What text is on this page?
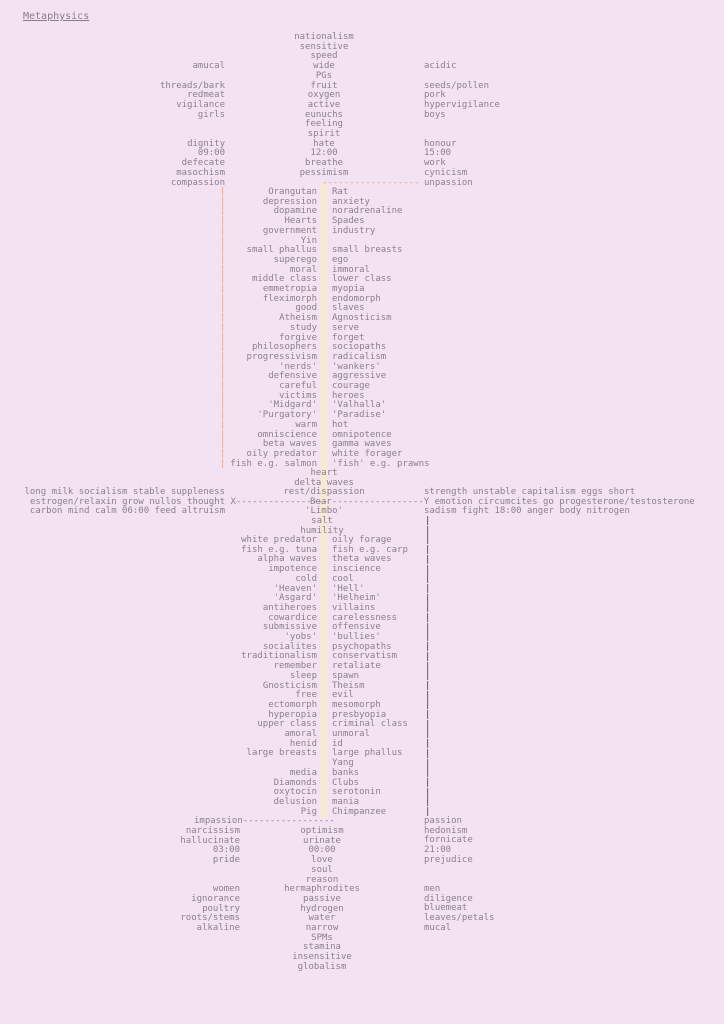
Metaphysics
nationalism
sensitive
speed
wide
PGs
fruit
oxygen
active
eunuchs
feeling
spirit
hate
12:00
breathe
pessimism
amucal
threads/bark
redmeat
vigilance
girls
dignity
09:00
defecate
masochism
compassion
acidic
seeds/pollen
pork
hypervigilance
boys
honour
15:00
work
cynicism
unpassion
------------------
Orangutan
depression
dopamine
Hearts
government
Yin
small phallus
superego
moral
middle class
emmetropia
fleximorph
good
Atheism
study
forgive
philosophers
progressivism
'nerds'
defensive
careful
victims
'Midgard'
'Purgatory'
warm
omniscience
beta waves
oily predator
fish e.g. salmon
Rat
anxiety
noradrenaline
Spades
industry
small breasts
ego
immoral
lower class
myopia
endomorph
slaves
Agnosticism
serve
forget
sociopaths
radicalism
'wankers'
aggressive
courage
heroes
'Valhalla'
'Paradise'
hot
omnipotence
gamma waves
white forager
'fish' e.g. prawns
|
|
|
|
|
|
|
|
|
|
|
|
|
|
|
|
|
|
|
|
|
|
|
|
|
|
|
|
|
heart
delta waves
rest/dispassion
long milk socialism stable suppleness
estrogen/relaxin grow nullos thought X-----------------
carbon mind calm 06:00 feed altruism
Bear-----------------Y emotion circumcites go progesterone/testosterone
strength unstable capitalism eggs short
sadism fight 18:00 anger body nitrogen
'Limbo'
salt
humility
white predator
fish e.g. tuna
alpha waves
impotence
cold
'Heaven'
'Asgard'
antiheroes
cowardice
submissive
'yobs'
socialites
traditionalism
remember
sleep
Gnosticism
free
ectomorph
hyperopia
upper class
amoral
henid
large breasts
media
Diamonds
oxytocin
delusion
Pig
oily forage
fish e.g. carp
theta waves
inscience
cool
'Hell'
'Helheim'
villains
carelessness
offensive
'bullies'
psychopaths
conservatism
retaliate
spawn
Theism
evil
mesomorph
presbyopia
criminal class
unmoral
id
large phallus
Yang
banks
Clubs
serotonin
mania
Chimpanzee
|
|
|
|
|
|
|
|
|
|
|
|
|
|
|
|
|
|
|
|
|
|
|
|
|
|
|
|
|
|
|
impassion-----------------
narcissism
hallucinate
03:00
pride
women
ignorance
poultry
roots/stems
alkaline
optimism
urinate
00:00
love
soul
reason
hermaphrodites
passive
hydrogen
water
narrow
SPMs
stamina
insensitive
globalism
passion
hedonism
fornicate
21:00
prejudice
men
diligence
bluemeat
leaves/petals
mucal
